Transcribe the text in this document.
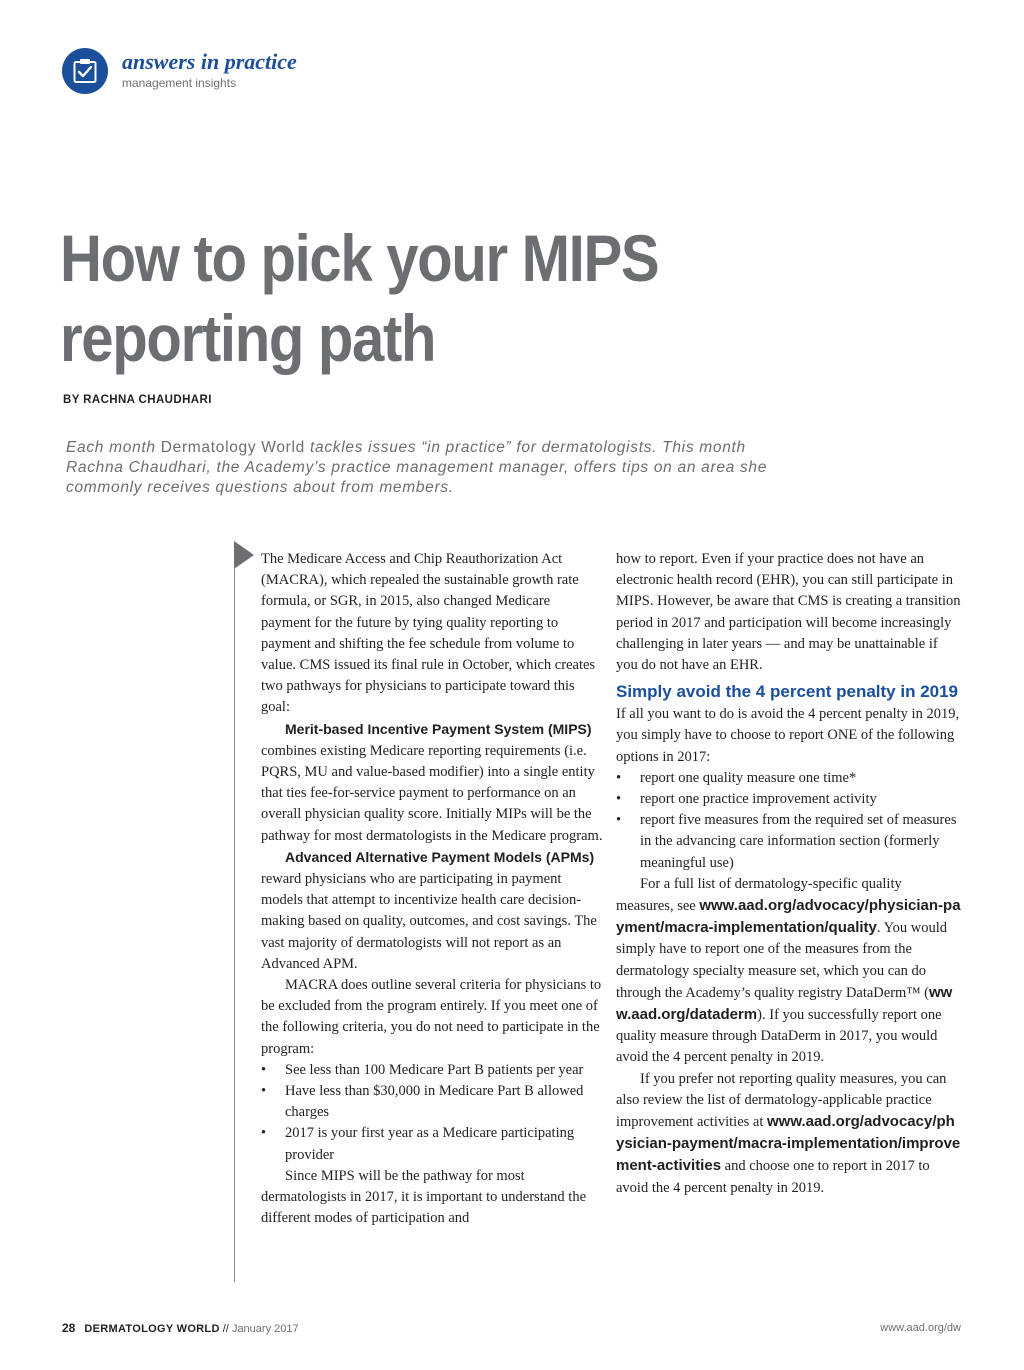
answers in practice
management insights
How to pick your MIPS reporting path
BY RACHNA CHAUDHARI

Each month Dermatology World tackles issues “in practice” for dermatologists. This month Rachna Chaudhari, the Academy’s practice management manager, offers tips on an area she commonly receives questions about from members.

The Medicare Access and Chip Reauthorization Act (MACRA), which repealed the sustainable growth rate formula, or SGR, in 2015, also changed Medicare payment for the future by tying quality reporting to payment and shifting the fee schedule from volume to value. CMS issued its final rule in October, which creates two pathways for physicians to participate toward this goal:

Merit-based Incentive Payment System (MIPS) combines existing Medicare reporting requirements (i.e. PQRS, MU and value-based modifier) into a single entity that ties fee-for-service payment to performance on an overall physician quality score. Initially MIPs will be the pathway for most dermatologists in the Medicare program.

Advanced Alternative Payment Models (APMs) reward physicians who are participating in payment models that attempt to incentivize health care decision-making based on quality, outcomes, and cost savings. The vast majority of dermatologists will not report as an Advanced APM.

MACRA does outline several criteria for physicians to be excluded from the program entirely. If you meet one of the following criteria, you do not need to participate in the program:

• See less than 100 Medicare Part B patients per year
• Have less than $30,000 in Medicare Part B allowed charges
• 2017 is your first year as a Medicare participating provider

Since MIPS will be the pathway for most dermatologists in 2017, it is important to understand the different modes of participation and

how to report. Even if your practice does not have an electronic health record (EHR), you can still participate in MIPS. However, be aware that CMS is creating a transition period in 2017 and participation will become increasingly challenging in later years — and may be unattainable if you do not have an EHR.

Simply avoid the 4 percent penalty in 2019

If all you want to do is avoid the 4 percent penalty in 2019, you simply have to choose to report ONE of the following options in 2017:

• report one quality measure one time*
• report one practice improvement activity
• report five measures from the required set of measures in the advancing care information section (formerly meaningful use)

For a full list of dermatology-specific quality measures, see www.aad.org/advocacy/physician-payment/macra-implementation/quality. You would simply have to report one of the measures from the dermatology specialty measure set, which you can do through the Academy’s quality registry DataDerm™ (www.aad.org/dataderm). If you successfully report one quality measure through DataDerm in 2017, you would avoid the 4 percent penalty in 2019.

If you prefer not reporting quality measures, you can also review the list of dermatology-applicable practice improvement activities at www.aad.org/advocacy/physician-payment/macra-implementation/improvement-activities and choose one to report in 2017 to avoid the 4 percent penalty in 2019.

28 DERMATOLOGY WORLD // January 2017	www.aad.org/dw
